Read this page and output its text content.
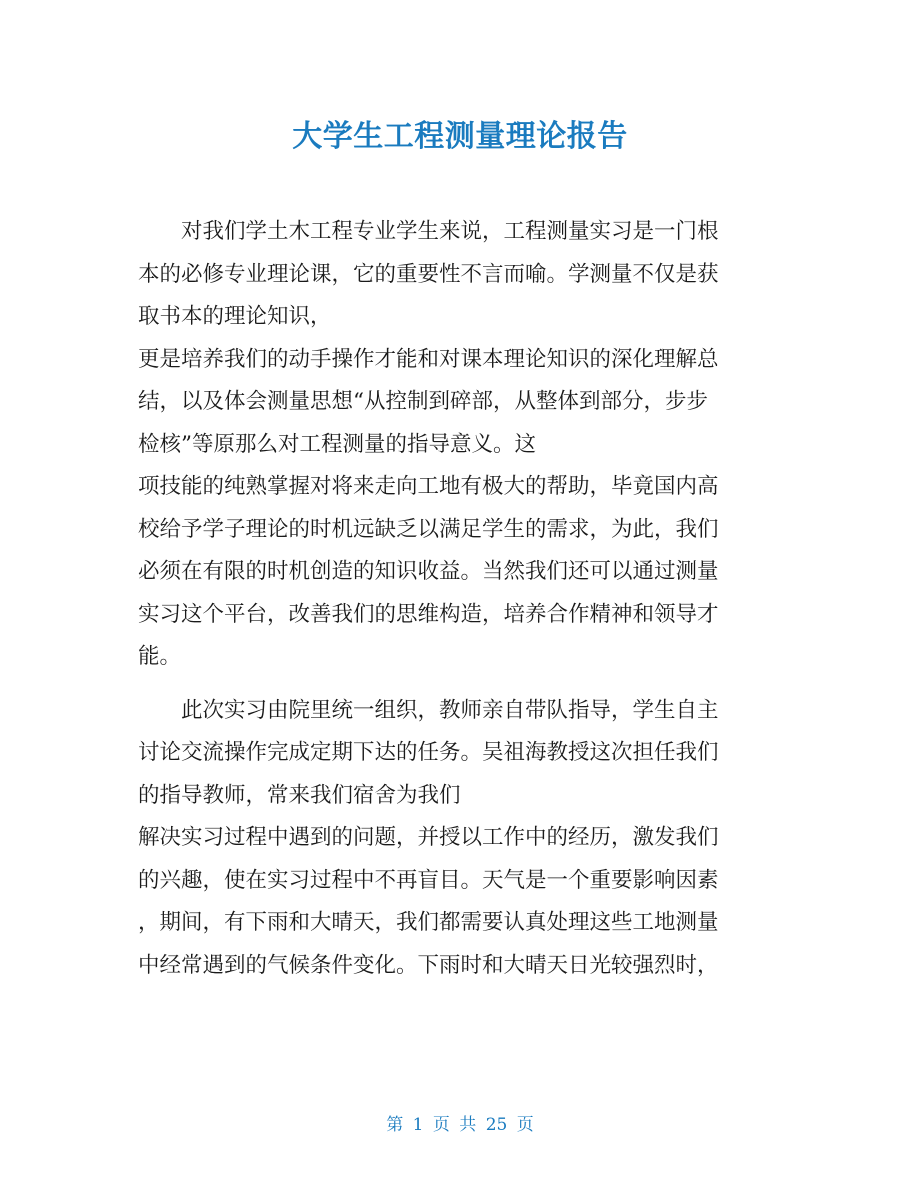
大学生工程测量理论报告
对我们学土木工程专业学生来说，工程测量实习是一门根
本的必修专业理论课，它的重要性不言而喻。学测量不仅是获
取书本的理论知识，
更是培养我们的动手操作才能和对课本理论知识的深化理解总
结，以及体会测量思想“从控制到碎部，从整体到部分，步步
检核”等原那么对工程测量的指导意义。这
项技能的纯熟掌握对将来走向工地有极大的帮助，毕竟国内高
校给予学子理论的时机远缺乏以满足学生的需求，为此，我们
必须在有限的时机创造的知识收益。当然我们还可以通过测量
实习这个平台，改善我们的思维构造，培养合作精神和领导才
能。
此次实习由院里统一组织，教师亲自带队指导，学生自主
讨论交流操作完成定期下达的任务。吴祖海教授这次担任我们
的指导教师，常来我们宿舍为我们
解决实习过程中遇到的问题，并授以工作中的经历，激发我们
的兴趣，使在实习过程中不再盲目。天气是一个重要影响因素
，期间，有下雨和大晴天，我们都需要认真处理这些工地测量
中经常遇到的气候条件变化。下雨时和大晴天日光较强烈时，
第 1 页 共 25 页
